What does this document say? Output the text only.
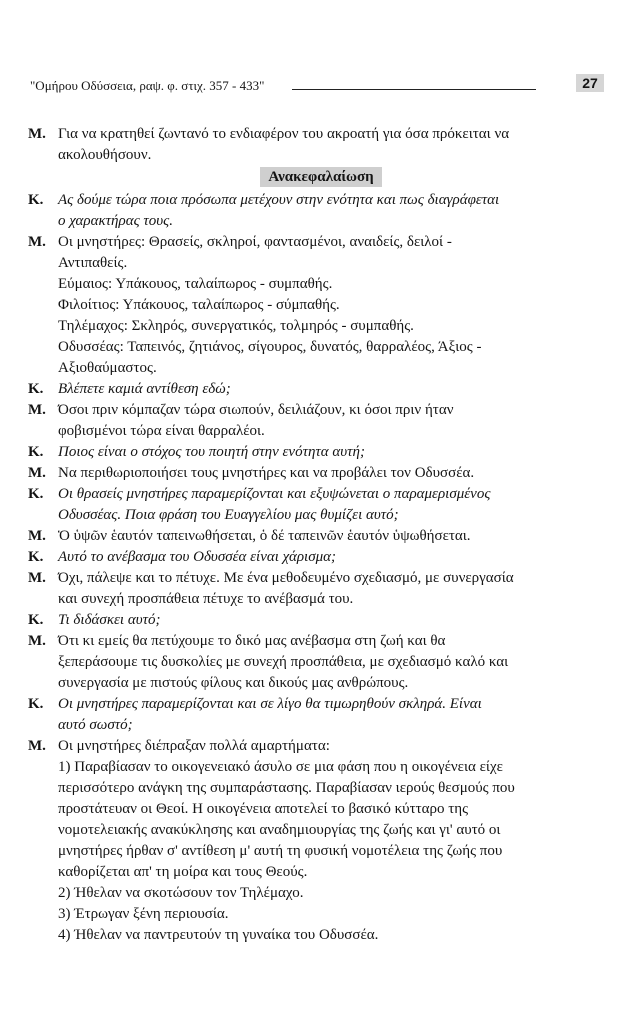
"Ομήρου Οδύσσεια, ραψ. φ. στιχ. 357 - 433"	27
Μ. Για να κρατηθεί ζωντανό το ενδιαφέρον του ακροατή για όσα πρόκειται να
ακολουθήσουν.
Ανακεφαλαίωση
Κ. Ας δούμε τώρα ποια πρόσωπα μετέχουν στην ενότητα και πως διαγράφεται
ο χαρακτήρας τους.
Μ. Οι μνηστήρες: Θρασείς, σκληροί, φαντασμένοι, αναιδείς, δειλοί -
Αντιπαθείς.
Εύμαιος: Υπάκουος, ταλαίπωρος - συμπαθής.
Φιλοίτιος: Υπάκουος, ταλαίπωρος - σύμπαθής.
Τηλέμαχος: Σκληρός, συνεργατικός, τολμηρός - συμπαθής.
Οδυσσέας: Ταπεινός, ζητιάνος, σίγουρος, δυνατός, θαρραλέος, Άξιος -
Αξιοθαύμαστος.
Κ. Βλέπετε καμιά αντίθεση εδώ;
Μ. Όσοι πριν κόμπαζαν τώρα σιωπούν, δειλιάζουν, κι όσοι πριν ήταν
φοβισμένοι τώρα είναι θαρραλέοι.
Κ. Ποιος είναι ο στόχος του ποιητή στην ενότητα αυτή;
Μ. Να περιθωριοποιήσει τους μνηστήρες και να προβάλει τον Οδυσσέα.
Κ. Οι θρασείς μνηστήρες παραμερίζονται και εξυψώνεται ο παραμερισμένος
Οδυσσέας. Ποια φράση του Ευαγγελίου μας θυμίζει αυτό;
Μ. Ὁ ὑψῶν ἑαυτόν ταπεινωθήσεται, ὁ δέ ταπεινῶν ἑαυτόν ὑψωθήσεται.
Κ. Αυτό το ανέβασμα του Οδυσσέα είναι χάρισμα;
Μ. Όχι, πάλεψε και το πέτυχε. Με ένα μεθοδευμένο σχεδιασμό, με συνεργασία
και συνεχή προσπάθεια πέτυχε το ανέβασμά του.
Κ. Τι διδάσκει αυτό;
Μ. Ότι κι εμείς θα πετύχουμε το δικό μας ανέβασμα στη ζωή και θα
ξεπεράσουμε τις δυσκολίες με συνεχή προσπάθεια, με σχεδιασμό καλό και
συνεργασία με πιστούς φίλους και δικούς μας ανθρώπους.
Κ. Οι μνηστήρες παραμερίζονται και σε λίγο θα τιμωρηθούν σκληρά. Είναι
αυτό σωστό;
Μ. Οι μνηστήρες διέπραξαν πολλά αμαρτήματα:
1) Παραβίασαν το οικογενειακό άσυλο σε μια φάση που η οικογένεια είχε
περισσότερο ανάγκη της συμπαράστασης. Παραβίασαν ιερούς θεσμούς που
προστάτευαν οι Θεοί. Η οικογένεια αποτελεί το βασικό κύτταρο της
νομοτελειακής ανακύκλησης και αναδημιουργίας της ζωής και γι' αυτό οι
μνηστήρες ήρθαν σ' αντίθεση μ' αυτή τη φυσική νομοτέλεια της ζωής που
καθορίζεται απ' τη μοίρα και τους Θεούς.
2) Ήθελαν να σκοτώσουν τον Τηλέμαχο.
3) Έτρωγαν ξένη περιουσία.
4) Ήθελαν να παντρευτούν τη γυναίκα του Οδυσσέα.
